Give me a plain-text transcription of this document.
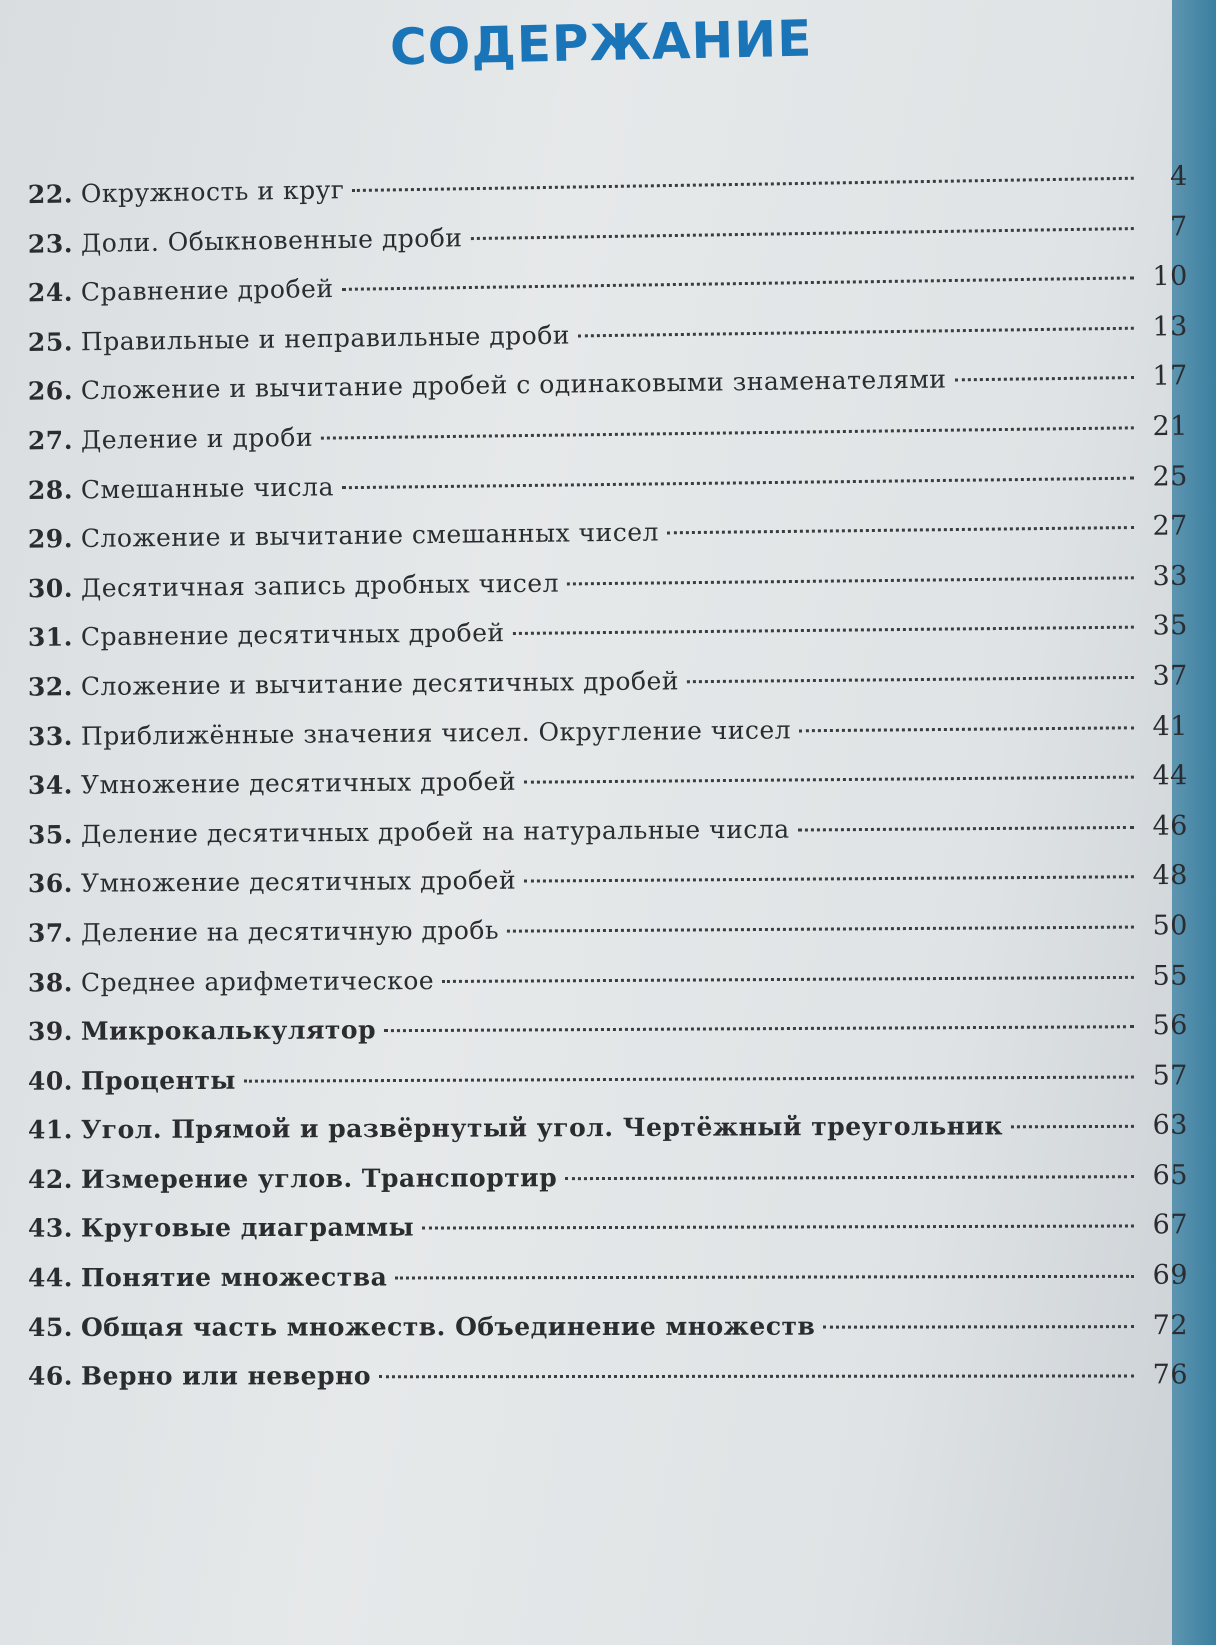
СОДЕРЖАНИЕ
22. Окружность и круг	4
23. Доли. Обыкновенные дроби	7
24. Сравнение дробей	10
25. Правильные и неправильные дроби	13
26. Сложение и вычитание дробей с одинаковыми знаменателями	17
27. Деление и дроби	21
28. Смешанные числа	25
29. Сложение и вычитание смешанных чисел	27
30. Десятичная запись дробных чисел	33
31. Сравнение десятичных дробей	35
32. Сложение и вычитание десятичных дробей	37
33. Приближённые значения чисел. Округление чисел	41
34. Умножение десятичных дробей	44
35. Деление десятичных дробей на натуральные числа	46
36. Умножение десятичных дробей	48
37. Деление на десятичную дробь	50
38. Среднее арифметическое	55
39. Микрокалькулятор	56
40. Проценты	57
41. Угол. Прямой и развёрнутый угол. Чертёжный треугольник	63
42. Измерение углов. Транспортир	65
43. Круговые диаграммы	67
44. Понятие множества	69
45. Общая часть множеств. Объединение множеств	72
46. Верно или неверно	76
